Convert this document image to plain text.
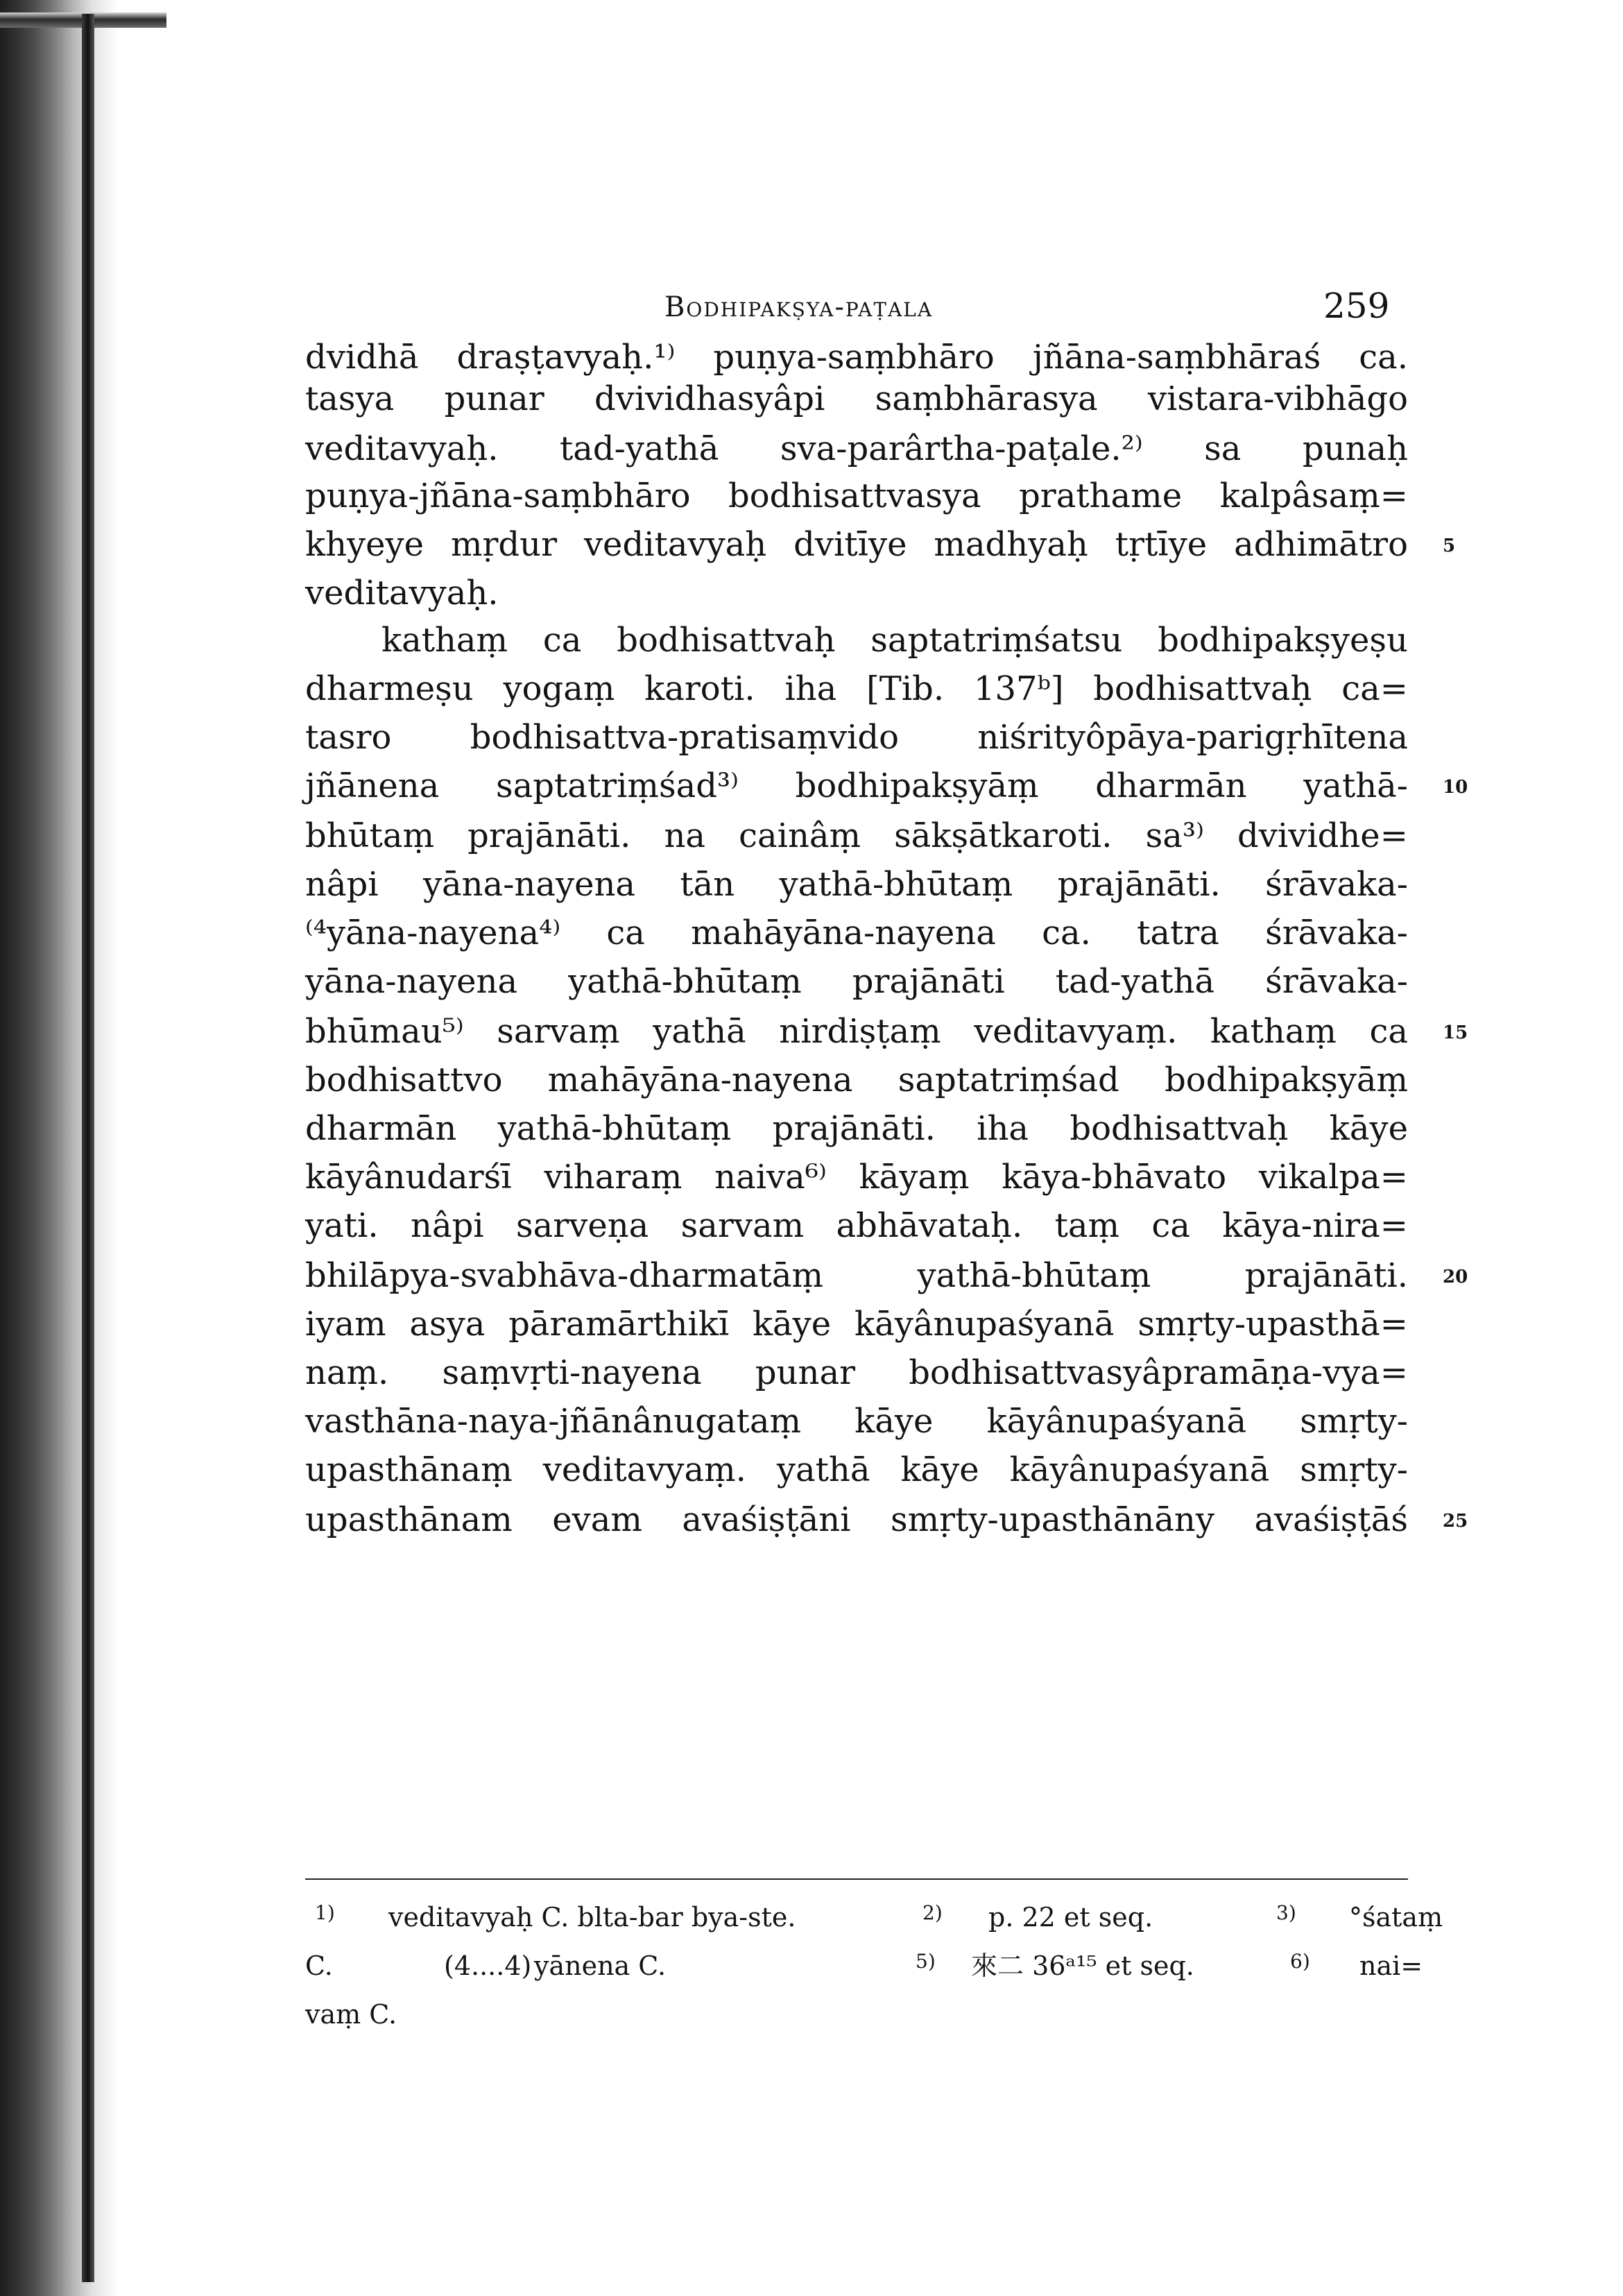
Bodhipakṣya-paṭala	259
dvidhā draṣṭavyaḥ.¹⁾ puṇya-saṃbhāro jñāna-saṃbhāraś ca.
tasya punar dvividhasyâpi saṃbhārasya vistara-vibhāgo
veditavyaḥ. tad-yathā sva-parârtha-paṭale.²⁾ sa punaḥ
puṇya-jñāna-saṃbhāro bodhisattvasya prathame kalpâsaṃ=
khyeye mṛdur veditavyaḥ dvitīye madhyaḥ tṛtīye adhimātro
veditavyaḥ.
kathaṃ ca bodhisattvaḥ saptatriṃśatsu bodhipakṣyeṣu
dharmeṣu yogaṃ karoti. iha [Tib. 137ᵇ] bodhisattvaḥ ca=
tasro bodhisattva-pratisaṃvido niśrityôpāya-parigṛhītena
jñānena saptatriṃśad³⁾ bodhipakṣyāṃ dharmān yathā-
bhūtaṃ prajānāti. na cainâṃ sākṣātkaroti. sa³⁾ dvividhe=
nâpi yāna-nayena tān yathā-bhūtaṃ prajānāti. śrāvaka-
⁽⁴yāna-nayena⁴⁾ ca mahāyāna-nayena ca. tatra śrāvaka-
yāna-nayena yathā-bhūtaṃ prajānāti tad-yathā śrāvaka-
bhūmau⁵⁾ sarvaṃ yathā nirdiṣṭaṃ veditavyaṃ. kathaṃ ca
bodhisattvo mahāyāna-nayena saptatriṃśad bodhipakṣyāṃ
dharmān yathā-bhūtaṃ prajānāti. iha bodhisattvaḥ kāye
kāyânudarśī viharaṃ naiva⁶⁾ kāyaṃ kāya-bhāvato vikalpa=
yati. nâpi sarveṇa sarvam abhāvataḥ. taṃ ca kāya-nira=
bhilāpya-svabhāva-dharmatāṃ	yathā-bhūtaṃ	prajānāti.
iyam asya pāramārthikī kāye kāyânupaśyanā smṛty-upasthā=
naṃ. saṃvṛti-nayena punar bodhisattvasyâpramāṇa-vya=
vasthāna-naya-jñānânugataṃ kāye kāyânupaśyanā smṛty-
upasthānaṃ veditavyaṃ. yathā kāye kāyânupaśyanā smṛty-
upasthānam evam avaśiṣṭāni smṛty-upasthānāny avaśiṣṭāś
5
10
15
20
25
1) veditavyaḥ C. blta-bar bya-ste.	2) p. 22 et seq.	3) °śataṃ
C.	(4....4) yānena C.	5) 來二 36ᵃ¹⁵ et seq.	6) nai=
vaṃ C.
